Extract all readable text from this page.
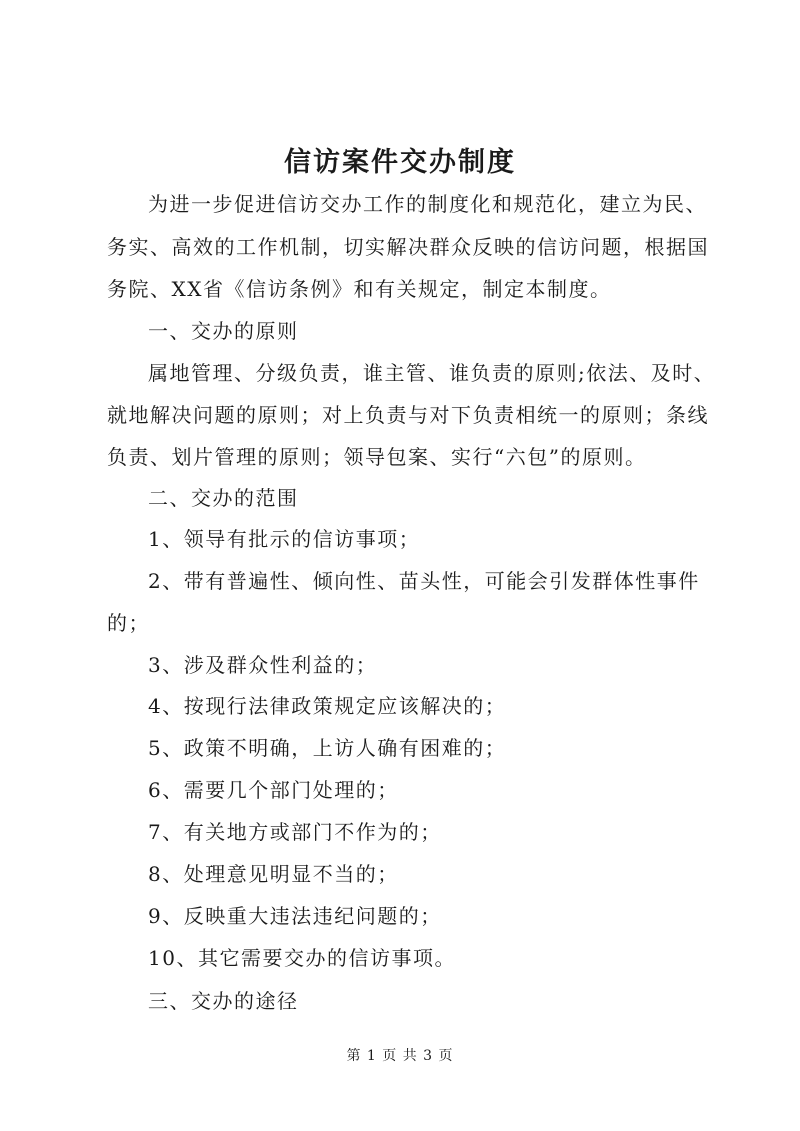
信访案件交办制度
为进一步促进信访交办工作的制度化和规范化，建立为民、
务实、高效的工作机制，切实解决群众反映的信访问题，根据国
务院、XX省《信访条例》和有关规定，制定本制度。
一、交办的原则
属地管理、分级负责，谁主管、谁负责的原则;依法、及时、
就地解决问题的原则；对上负责与对下负责相统一的原则；条线
负责、划片管理的原则；领导包案、实行“六包”的原则。
二、交办的范围
1、领导有批示的信访事项；
2、带有普遍性、倾向性、苗头性，可能会引发群体性事件
的；
3、涉及群众性利益的；
4、按现行法律政策规定应该解决的；
5、政策不明确，上访人确有困难的；
6、需要几个部门处理的；
7、有关地方或部门不作为的；
8、处理意见明显不当的；
9、反映重大违法违纪问题的；
10、其它需要交办的信访事项。
三、交办的途径
第 1 页 共 3 页
